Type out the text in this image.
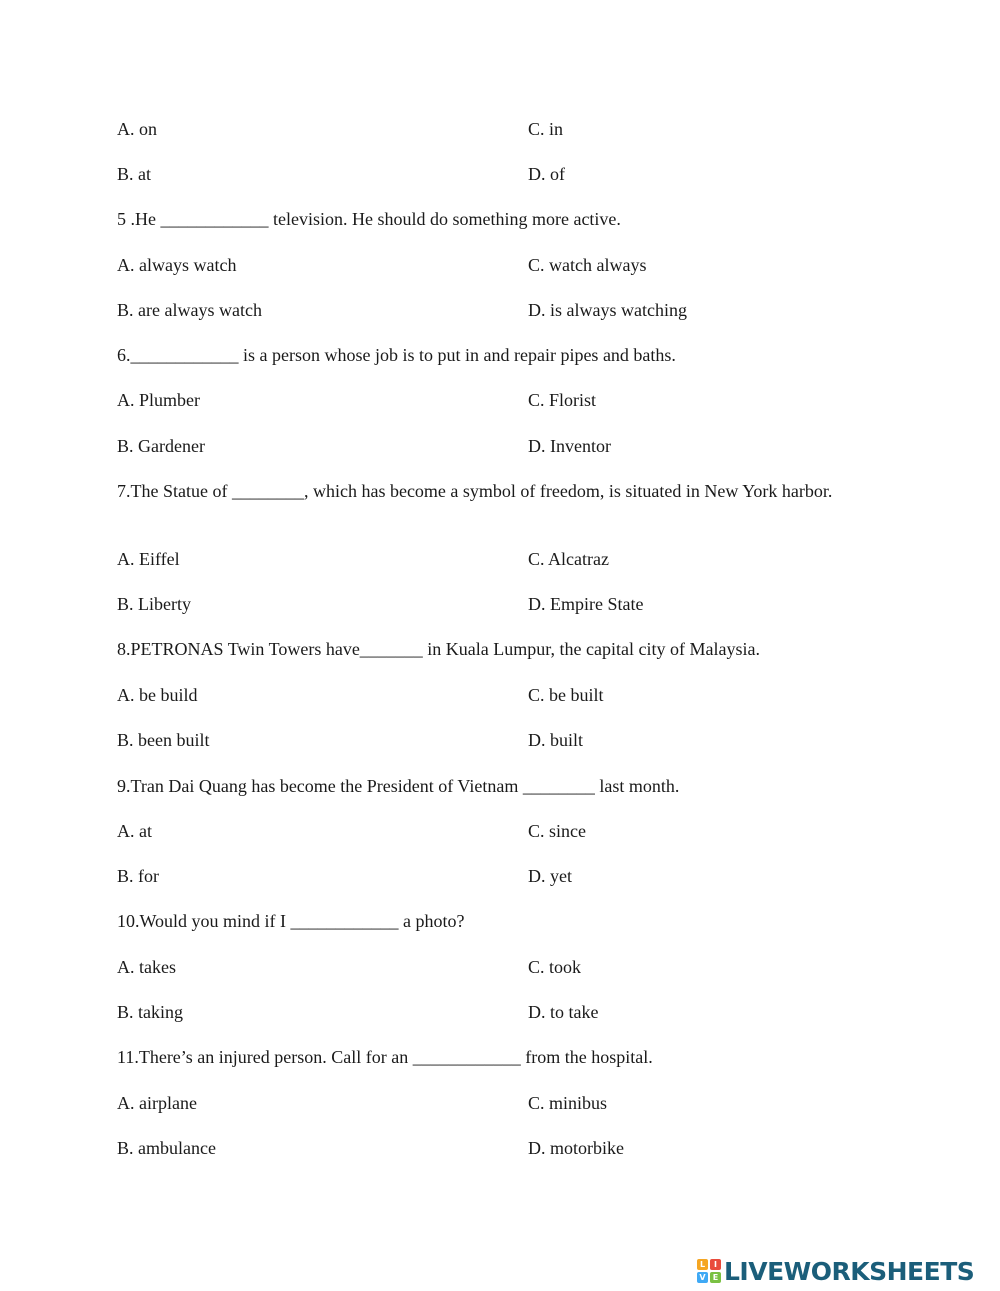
A. on	C. in
B. at	D. of
5 .He ____________ television. He should do something more active.
A. always watch	C. watch always
B. are always watch	D. is always watching
6.____________ is a person whose job is to put in and repair pipes and baths.
A. Plumber	C. Florist
B. Gardener	D. Inventor
7.The Statue of ________, which has become a symbol of freedom, is situated in New York harbor.
A. Eiffel	C. Alcatraz
B. Liberty	D. Empire State
8.PETRONAS Twin Towers have_______ in Kuala Lumpur, the capital city of Malaysia.
A. be build	C. be built
B. been built	D. built
9.Tran Dai Quang has become the President of Vietnam ________ last month.
A. at	C. since
B. for	D. yet
10.Would you mind if I ____________ a photo?
A. takes	C. took
B. taking	D. to take
11.There’s an injured person. Call for an ____________ from the hospital.
A. airplane	C. minibus
B. ambulance	D. motorbike
L	I
V E LIVEWORKSHEETS
